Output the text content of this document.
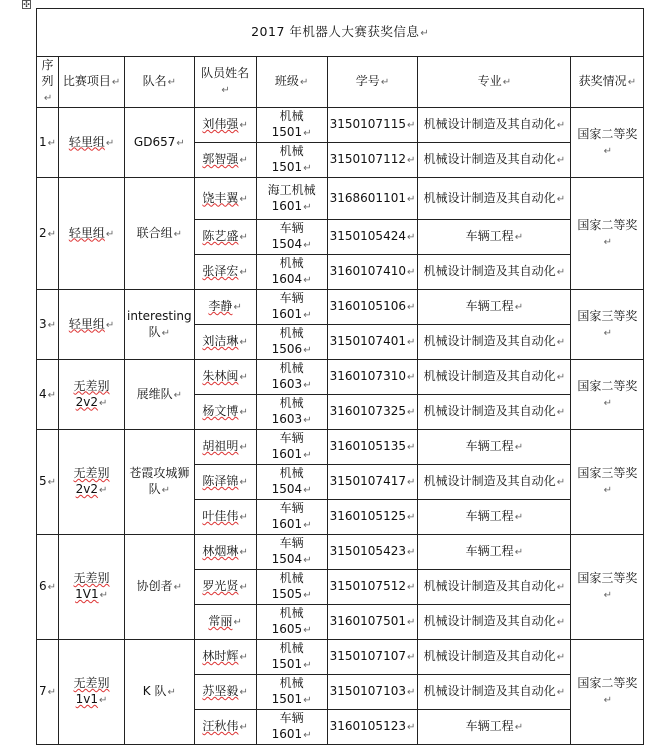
✣
2017 年机器人大赛获奖信息↵							
序列↵	比赛项目↵	队名↵	队员姓名↵	班级↵	学号↵	专业↵	获奖情况↵
1↵	轻里组↵	GD657↵	刘伟强↵	机械 1501↵	3150107115↵	机械设计制造及其自动化↵	国家二等奖↵
			郭智强↵	机械 1501↵	3150107112↵	机械设计制造及其自动化↵	
2↵	轻里组↵	联合组↵	饶丰翼↵	海工机械 1601↵	3168601101↵	机械设计制造及其自动化↵	国家二等奖↵
			陈艺盛↵	车辆 1504↵	3150105424↵	车辆工程↵	
			张泽宏↵	机械 1604↵	3160107410↵	机械设计制造及其自动化↵	
3↵	轻里组↵	interesting 队↵	李静↵	车辆 1601↵	3160105106↵	车辆工程↵	国家三等奖↵
			刘洁琳↵	机械 1506↵	3150107401↵	机械设计制造及其自动化↵	
4↵	无差别 2v2↵	展维队↵	朱林闽↵	机械 1603↵	3160107310↵	机械设计制造及其自动化↵	国家二等奖↵
			杨文博↵	机械 1603↵	3160107325↵	机械设计制造及其自动化↵	
5↵	无差别 2v2↵	苍霞攻城狮队↵	胡祖明↵	车辆 1601↵	3160105135↵	车辆工程↵	国家三等奖↵
			陈泽锦↵	机械 1504↵	3150107417↵	机械设计制造及其自动化↵	
			叶佳伟↵	车辆 1601↵	3160105125↵	车辆工程↵	
6↵	无差别 1V1↵	协创者↵	林烟琳↵	车辆 1504↵	3150105423↵	车辆工程↵	国家三等奖↵
			罗光贤↵	机械 1505↵	3150107512↵	机械设计制造及其自动化↵	
			常丽↵	机械 1605↵	3160107501↵	机械设计制造及其自动化↵	
7↵	无差别 1v1↵	K 队↵	林时辉↵	机械 1501↵	3150107107↵	机械设计制造及其自动化↵	国家二等奖↵
			苏坚毅↵	机械 1501↵	3150107103↵	机械设计制造及其自动化↵	
			汪秋伟↵	车辆 1601↵	3160105123↵	车辆工程↵	
